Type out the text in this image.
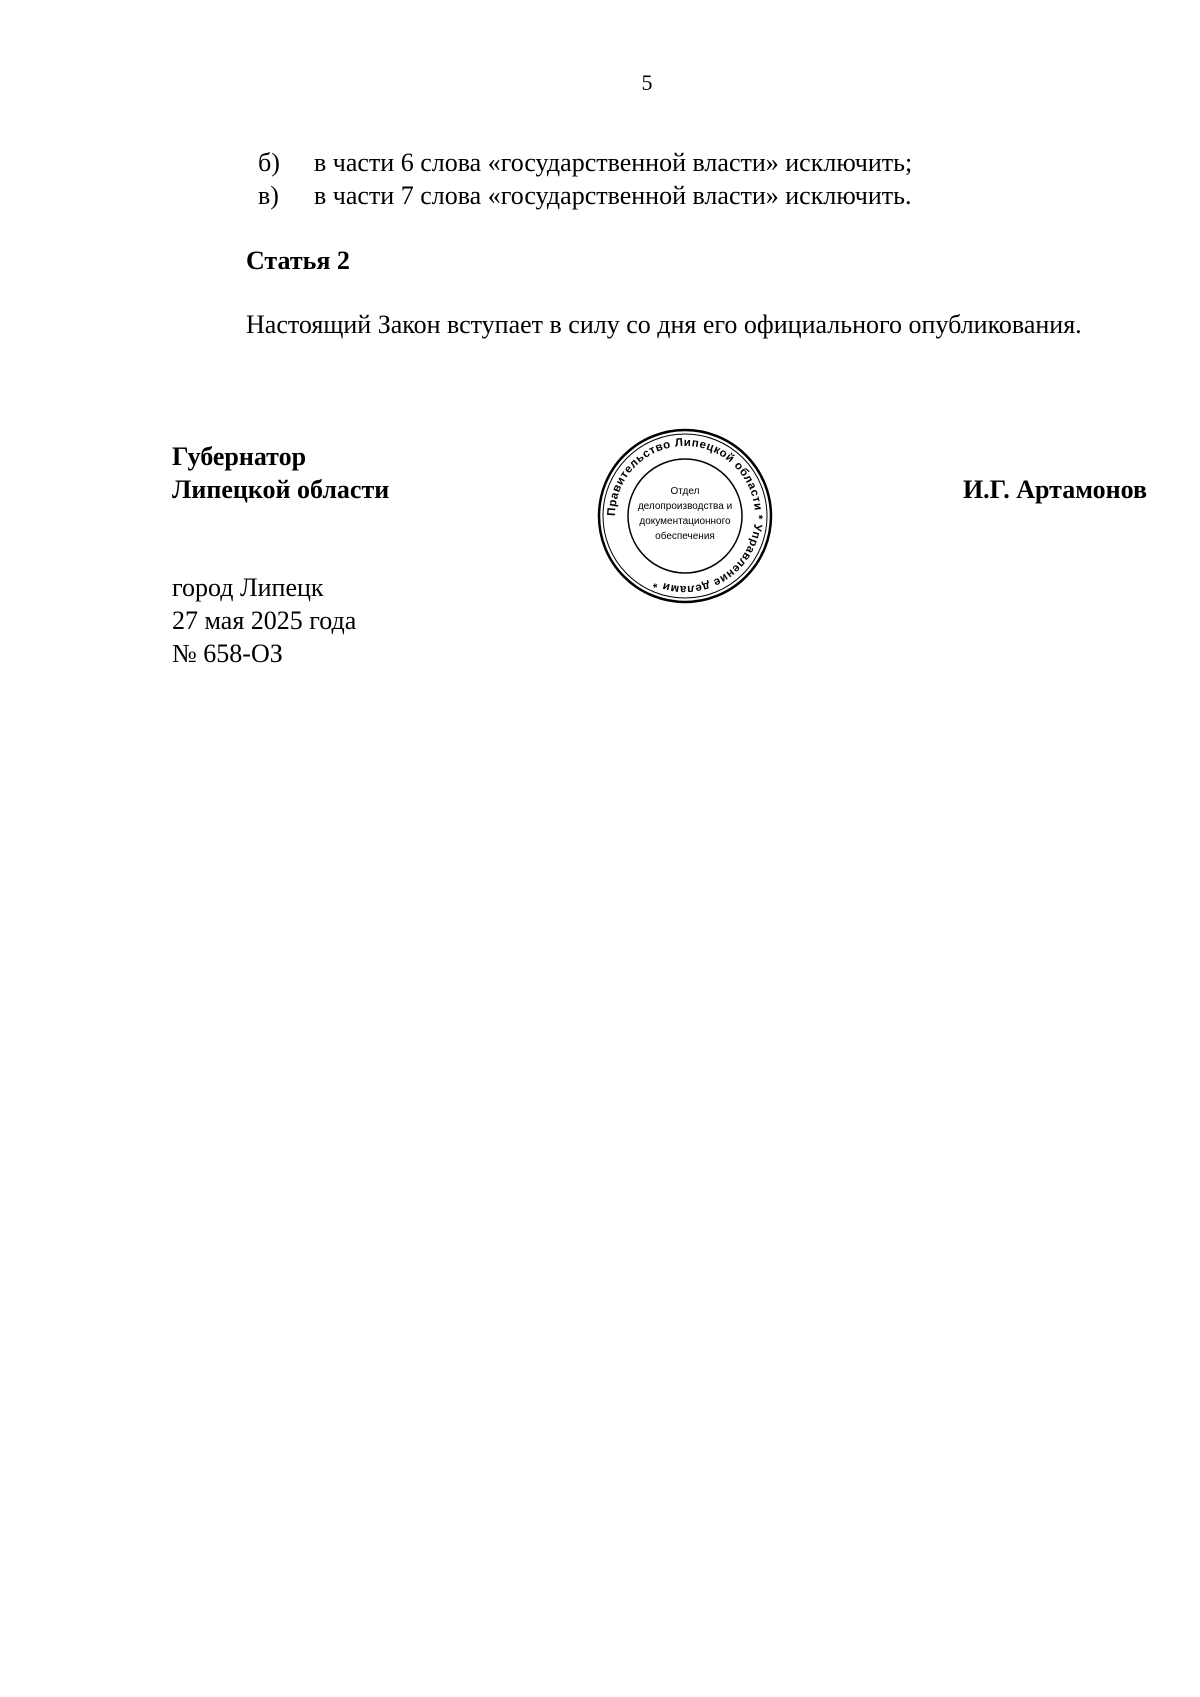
5
б)	в части 6 слова «государственной власти» исключить;
в)	в части 7 слова «государственной власти» исключить.
Статья 2
Настоящий Закон вступает в силу со дня его официального опубликования.
Губернатор
Липецкой области	И.Г. Артамонов
Правительство Липецкой области * Управление делами *
Отдел
делопроизводства и
документационного
обеспечения
город Липецк
27 мая 2025 года
№ 658-ОЗ
